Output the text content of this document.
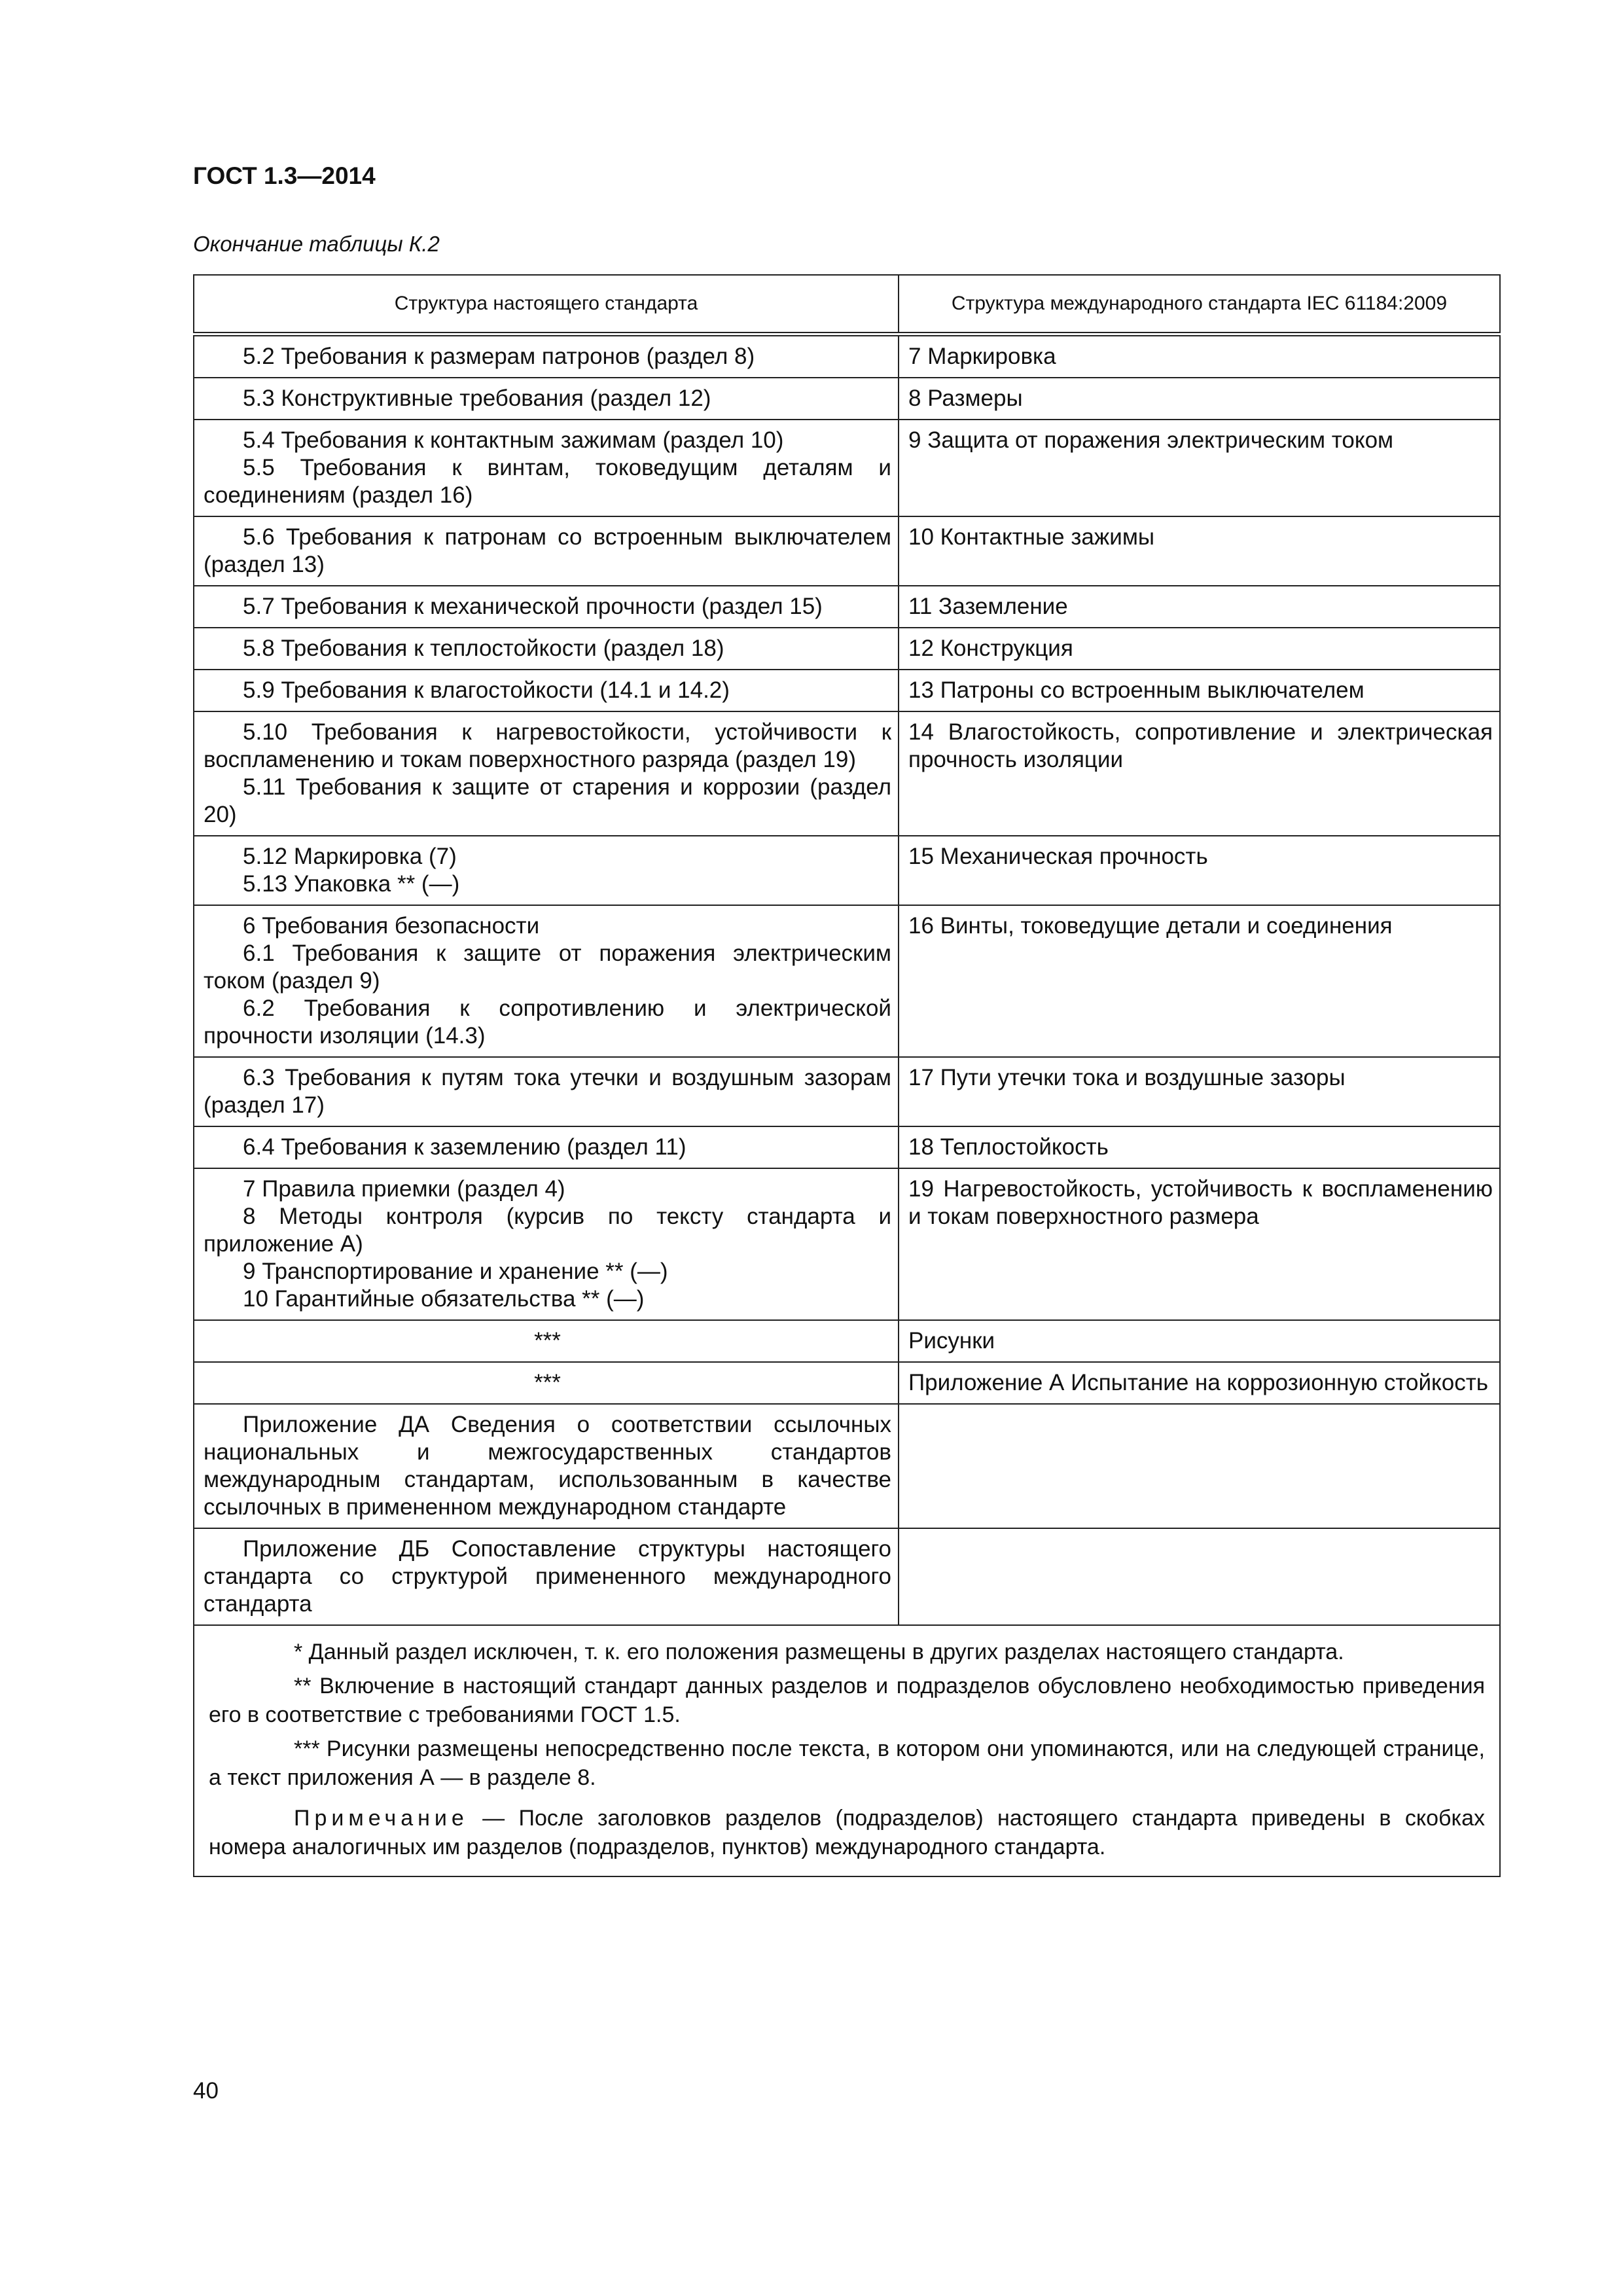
ГОСТ 1.3—2014
Окончание таблицы К.2
Структура настоящего стандарта	Структура международного стандарта IEC 61184:2009

5.2 Требования к размерам патронов (раздел 8)	7 Маркировка

5.3 Конструктивные требования (раздел 12)	8 Размеры

5.4 Требования к контактным зажимам (раздел 10)
5.5 Требования к винтам, токоведущим деталям и соединениям (раздел 16)	9 Защита от поражения электрическим током

5.6 Требования к патронам со встроенным выключателем (раздел 13)	10 Контактные зажимы

5.7 Требования к механической прочности (раздел 15)	11 Заземление

5.8 Требования к теплостойкости (раздел 18)	12 Конструкция

5.9 Требования к влагостойкости (14.1 и 14.2)	13 Патроны со встроенным выключателем

5.10 Требования к нагревостойкости, устойчивости к воспламенению и токам поверхностного разряда (раздел 19)
5.11 Требования к защите от старения и коррозии (раздел 20)	14 Влагостойкость, сопротивление и электрическая прочность изоляции

5.12 Маркировка (7)
5.13 Упаковка ** (—)	15 Механическая прочность

6 Требования безопасности
6.1 Требования к защите от поражения электрическим током (раздел 9)
6.2 Требования к сопротивлению и электрической прочности изоляции (14.3)	16 Винты, токоведущие детали и соединения

6.3 Требования к путям тока утечки и воздушным зазорам (раздел 17)	17 Пути утечки тока и воздушные зазоры

6.4 Требования к заземлению (раздел 11)	18 Теплостойкость

7 Правила приемки (раздел 4)
8 Методы контроля (курсив по тексту стандарта и приложение А)
9 Транспортирование и хранение ** (—)
10 Гарантийные обязательства ** (—)	19 Нагревостойкость, устойчивость к воспламенению и токам поверхностного размера

***	Рисунки

***	Приложение А Испытание на коррозионную стойкость

Приложение ДА Сведения о соответствии ссылочных национальных и межгосударственных стандартов международным стандартам, использованным в качестве ссылочных в примененном международном стандарте	

Приложение ДБ Сопоставление структуры настоящего стандарта со структурой примененного международного стандарта	

* Данный раздел исключен, т. к. его положения размещены в других разделах настоящего стандарта.

** Включение в настоящий стандарт данных разделов и подразделов обусловлено необходимостью приведения его в соответствие с требованиями ГОСТ 1.5.

*** Рисунки размещены непосредственно после текста, в котором они упоминаются, или на следующей странице, а текст приложения А — в разделе 8.

Примечание — После заголовков разделов (подразделов) настоящего стандарта приведены в скобках номера аналогичных им разделов (подразделов, пунктов) международного стандарта.	

40
